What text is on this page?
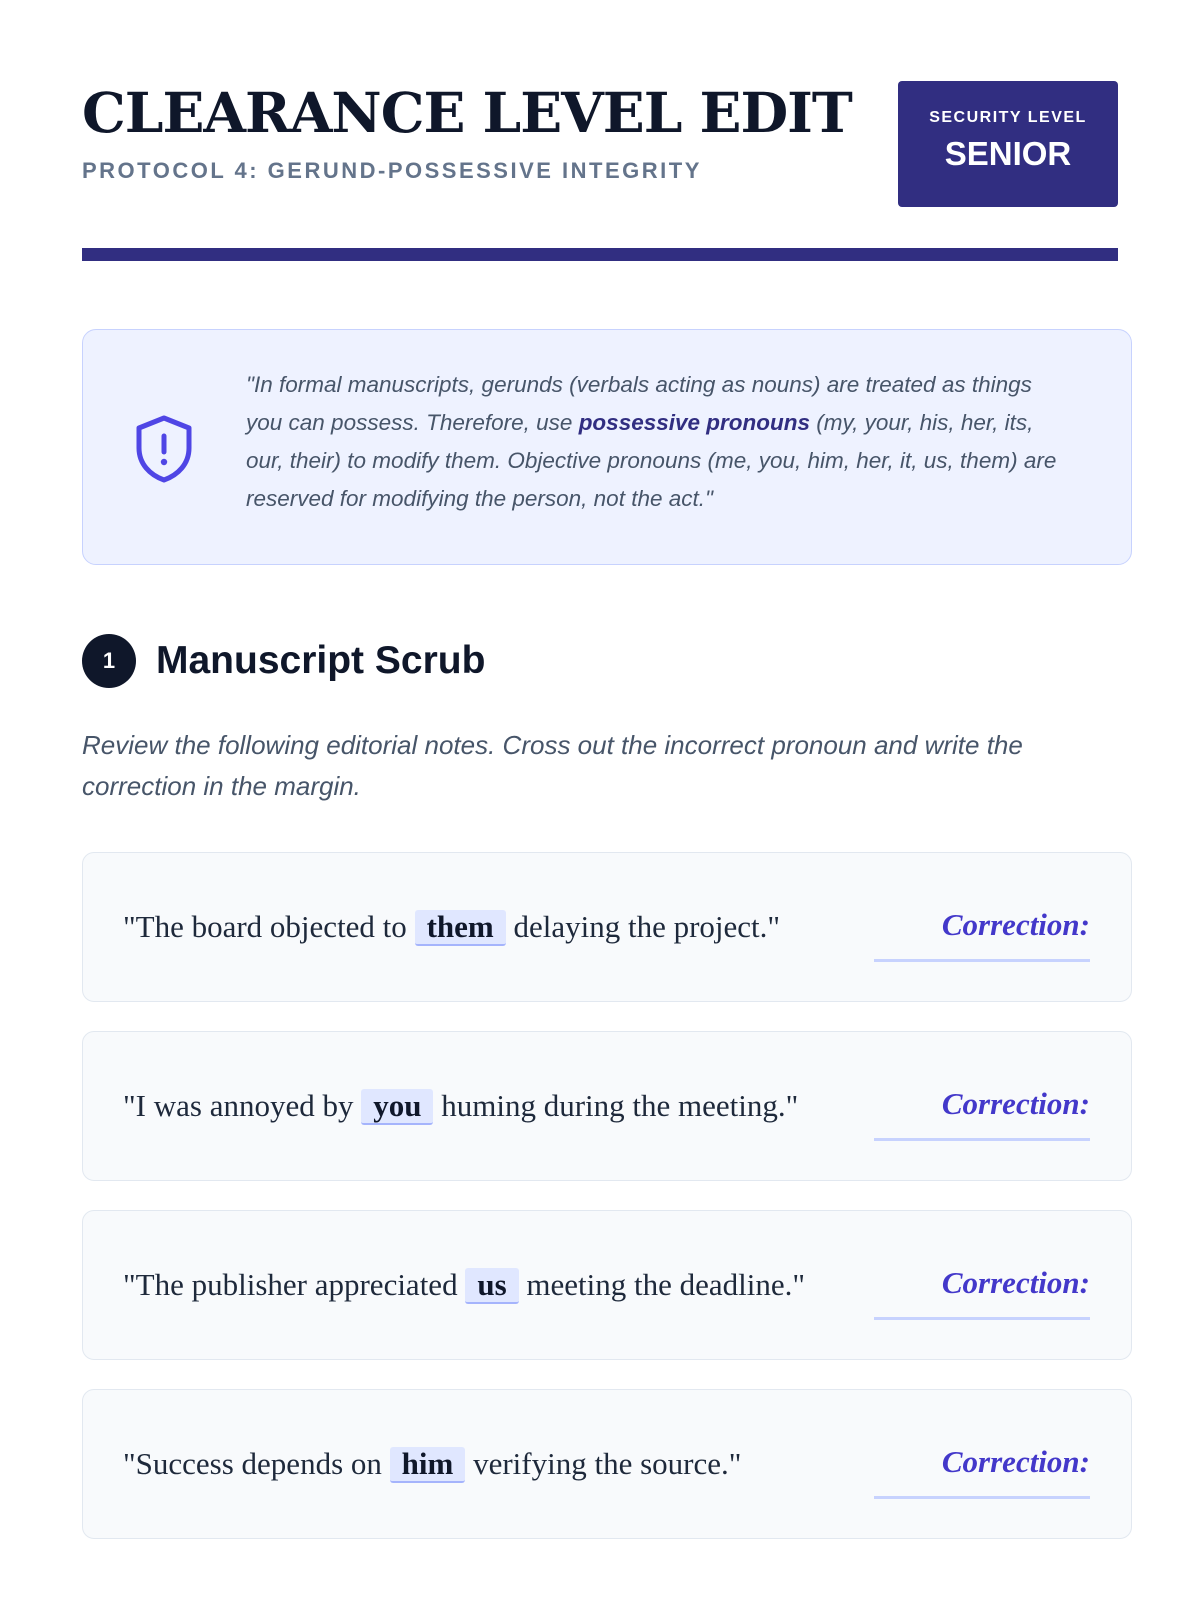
CLEARANCE LEVEL EDIT
PROTOCOL 4: GERUND-POSSESSIVE INTEGRITY
SECURITY LEVEL
SENIOR
"In formal manuscripts, gerunds (verbals acting as nouns) are treated as things you can possess. Therefore, use possessive pronouns (my, your, his, her, its, our, their) to modify them. Objective pronouns (me, you, him, her, it, us, them) are reserved for modifying the person, not the act."
1	Manuscript Scrub
Review the following editorial notes. Cross out the incorrect pronoun and write the correction in the margin.
"The board objected to them delaying the project."	Correction:
"I was annoyed by you huming during the meeting."	Correction:
"The publisher appreciated us meeting the deadline."	Correction:
"Success depends on him verifying the source."	Correction:
